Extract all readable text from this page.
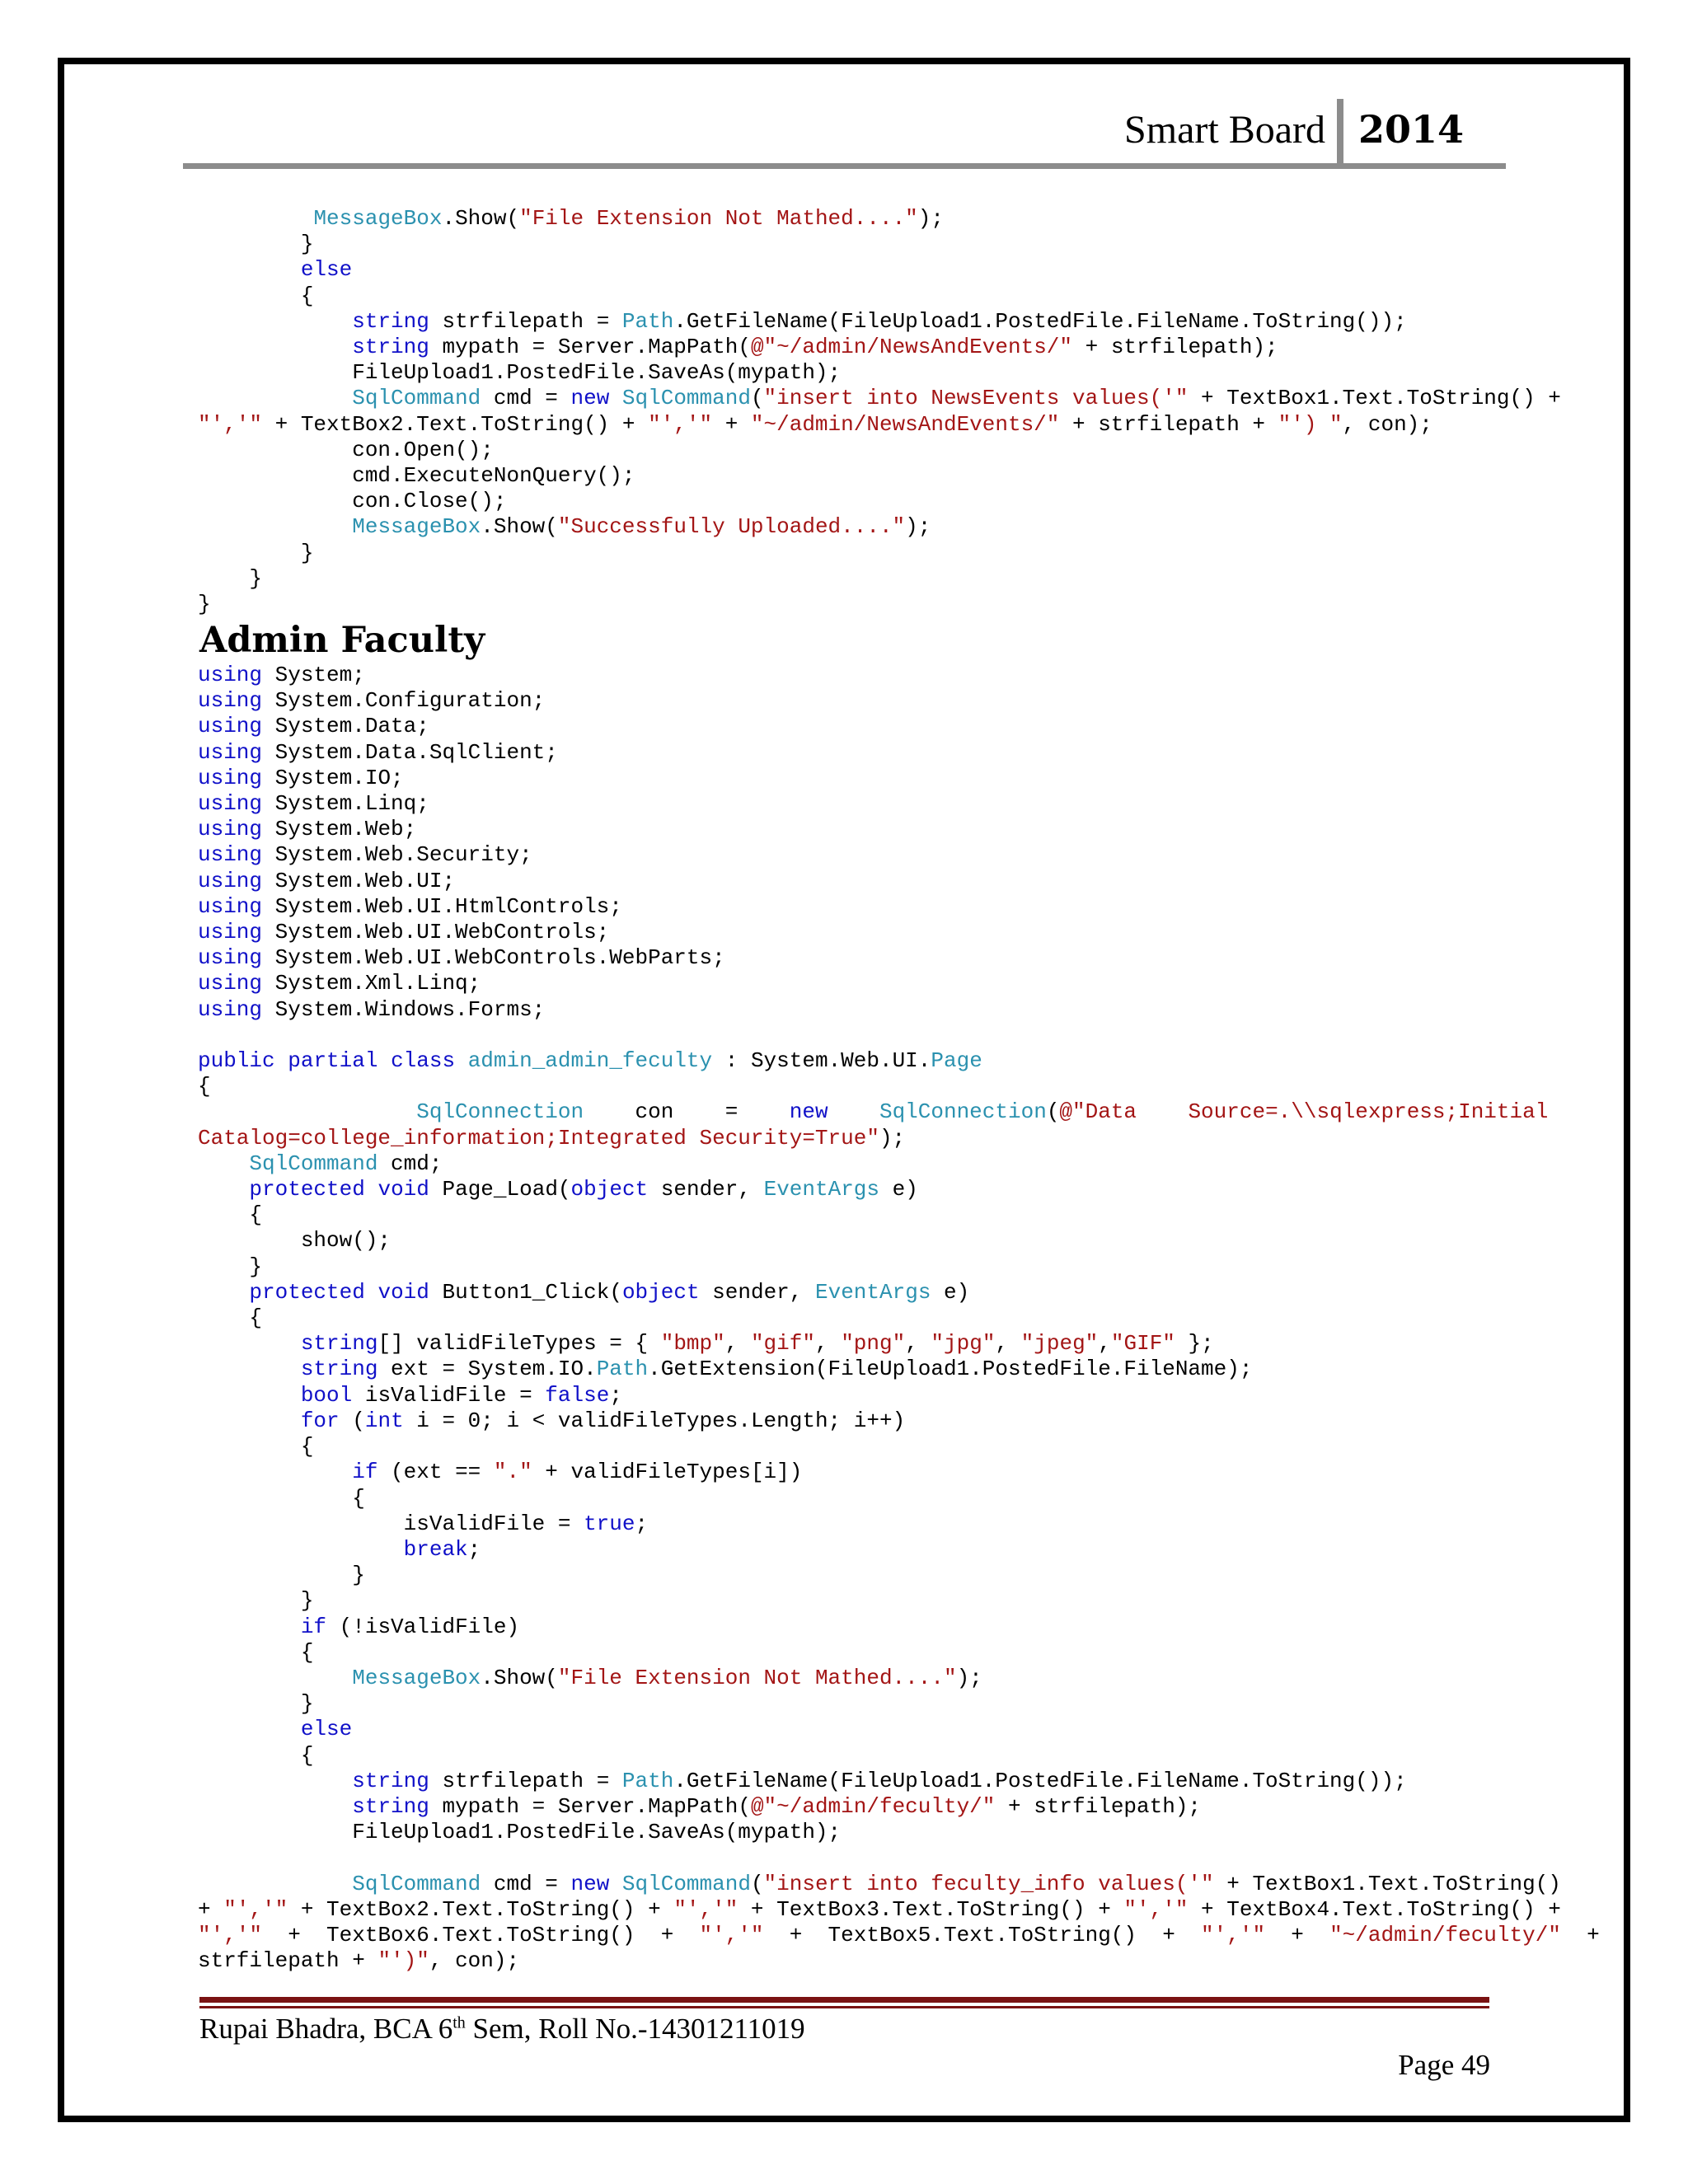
Smart Board 2014
MessageBox.Show("File Extension Not Mathed....");
}
else
{
string strfilepath = Path.GetFileName(FileUpload1.PostedFile.FileName.ToString());
string mypath = Server.MapPath(@"~/admin/NewsAndEvents/" + strfilepath);
FileUpload1.PostedFile.SaveAs(mypath);
SqlCommand cmd = new SqlCommand("insert into NewsEvents values('" + TextBox1.Text.ToString() +
"','" + TextBox2.Text.ToString() + "','" + "~/admin/NewsAndEvents/" + strfilepath + "') ", con);
con.Open();
cmd.ExecuteNonQuery();
con.Close();
MessageBox.Show("Successfully Uploaded....");
}
}
}
Admin Faculty
using System;
using System.Configuration;
using System.Data;
using System.Data.SqlClient;
using System.IO;
using System.Linq;
using System.Web;
using System.Web.Security;
using System.Web.UI;
using System.Web.UI.HtmlControls;
using System.Web.UI.WebControls;
using System.Web.UI.WebControls.WebParts;
using System.Xml.Linq;
using System.Windows.Forms;

public partial class admin_admin_feculty : System.Web.UI.Page
{
SqlConnection    con    =    new SqlConnection(@"Data    Source=.\\sqlexpress;Initial
Catalog=college_information;Integrated Security=True");
SqlCommand cmd;
protected void Page_Load(object sender, EventArgs e)
{
show();
}
protected void Button1_Click(object sender, EventArgs e)
{
string[] validFileTypes = { "bmp", "gif", "png", "jpg", "jpeg","GIF" };
string ext = System.IO.Path.GetExtension(FileUpload1.PostedFile.FileName);
bool isValidFile = false;
for (int i = 0; i < validFileTypes.Length; i++)
{
if (ext == "." + validFileTypes[i])
{
isValidFile = true;
break;
}
}
if (!isValidFile)
{
MessageBox.Show("File Extension Not Mathed....");
}
else
{
string strfilepath = Path.GetFileName(FileUpload1.PostedFile.FileName.ToString());
string mypath = Server.MapPath(@"~/admin/feculty/" + strfilepath);
FileUpload1.PostedFile.SaveAs(mypath);

SqlCommand cmd = new SqlCommand("insert into feculty_info values('" + TextBox1.Text.ToString()
+ "','" + TextBox2.Text.ToString() + "','" + TextBox3.Text.ToString() + "','" + TextBox4.Text.ToString() +
"','"  +  TextBox6.Text.ToString()  +  "','"  +  TextBox5.Text.ToString()  +  "','"  +  "~/admin/feculty/"  +
strfilepath + "')", con);
Rupai Bhadra, BCA 6th Sem, Roll No.-14301211019
Page 49
